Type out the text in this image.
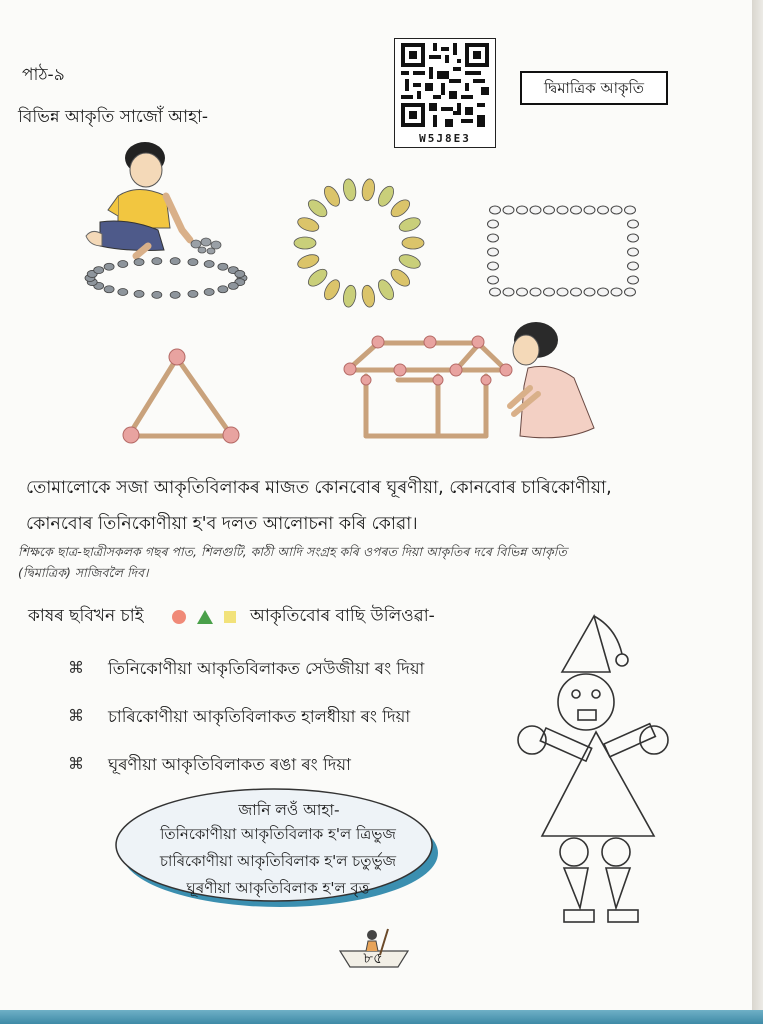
পাঠ-৯
বিভিন্ন আকৃতি সাজোঁ আহা-
W5J8E3
দ্বিমাত্ৰিক আকৃতি
তোমালোকে সজা আকৃতিবিলাকৰ মাজত কোনবোৰ ঘূৰণীয়া, কোনবোৰ চাৰিকোণীয়া,
কোনবোৰ তিনিকোণীয়া হ'ব দলত আলোচনা কৰি কোৱা।
শিক্ষকে ছাত্ৰ-ছাত্ৰীসকলক গছৰ পাত, শিলগুটি, কাঠী আদি সংগ্ৰহ কৰি ওপৰত দিয়া আকৃতিৰ দৰে বিভিন্ন আকৃতি
(দ্বিমাত্ৰিক) সাজিবলৈ দিব।
কাষৰ ছবিখন চাই
	আকৃতিবোৰ বাছি উলিওৱা-
⌘ তিনিকোণীয়া আকৃতিবিলাকত সেউজীয়া ৰং দিয়া
⌘ চাৰিকোণীয়া আকৃতিবিলাকত হালধীয়া ৰং দিয়া
⌘ ঘূৰণীয়া আকৃতিবিলাকত ৰঙা ৰং দিয়া
জানি লওঁ আহা-
তিনিকোণীয়া আকৃতিবিলাক হ'ল ত্ৰিভুজ
চাৰিকোণীয়া আকৃতিবিলাক হ'ল চতুৰ্ভুজ
ঘূৰণীয়া আকৃতিবিলাক হ'ল বৃত্ত
৮৫
